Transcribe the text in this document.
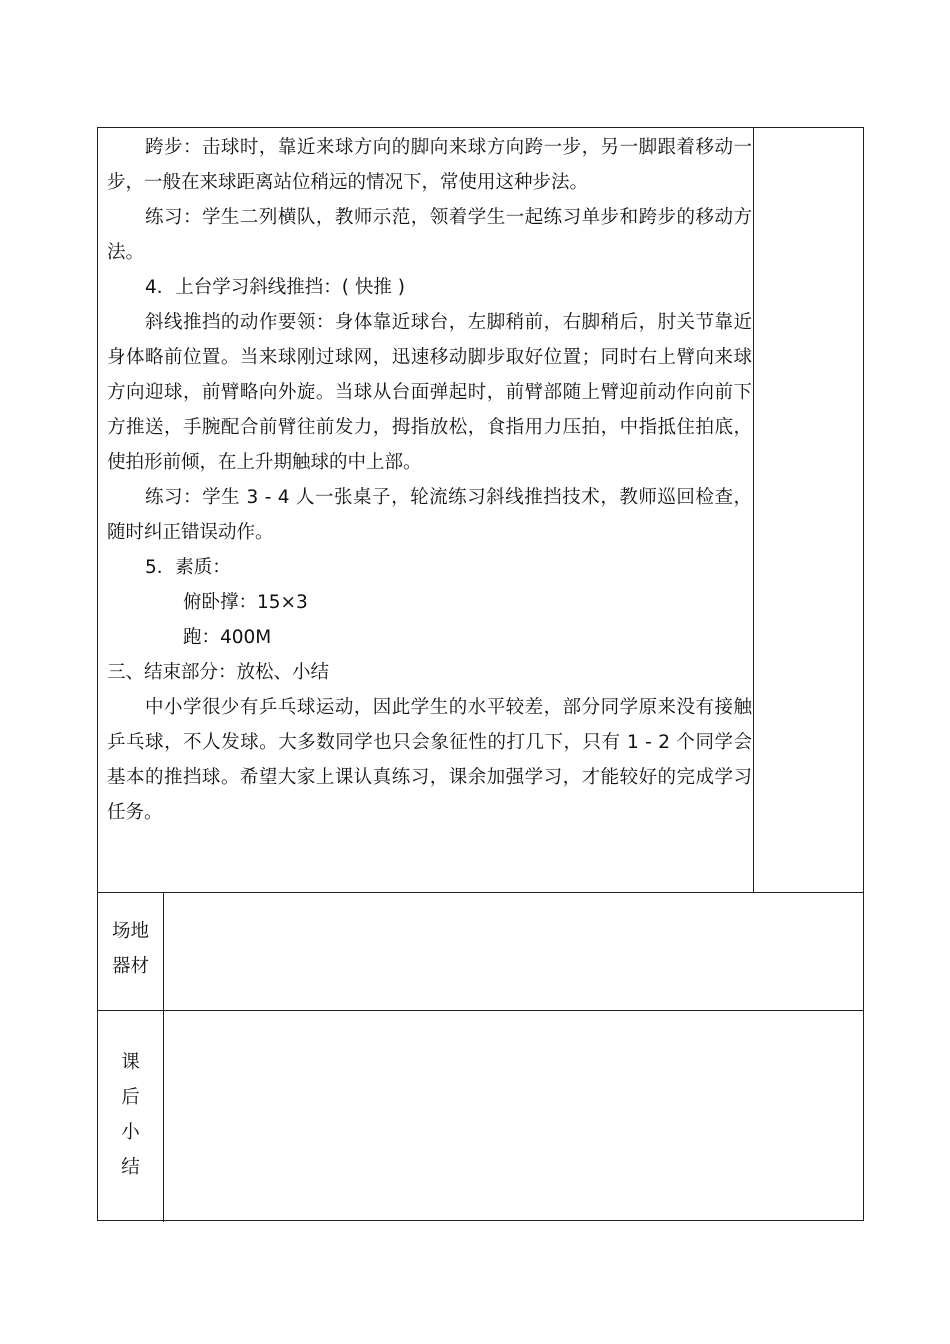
跨步：击球时，靠近来球方向的脚向来球方向跨一步，另一脚跟着移动一步，一般在来球距离站位稍远的情况下，常使用这种步法。

练习：学生二列横队，教师示范，领着学生一起练习单步和跨步的移动方法。

4．上台学习斜线推挡：( 快推 )

斜线推挡的动作要领：身体靠近球台，左脚稍前，右脚稍后，肘关节靠近身体略前位置。当来球刚过球网，迅速移动脚步取好位置；同时右上臂向来球方向迎球，前臂略向外旋。当球从台面弹起时，前臂部随上臂迎前动作向前下方推送，手腕配合前臂往前发力，拇指放松，食指用力压拍，中指抵住拍底，使拍形前倾，在上升期触球的中上部。

练习：学生 3 - 4 人一张桌子，轮流练习斜线推挡技术，教师巡回检查，随时纠正错误动作。

5．素质：

俯卧撑：15×3

跑：400M

三、结束部分：放松、小结

中小学很少有乒乓球运动，因此学生的水平较差，部分同学原来没有接触乒乓球，不人发球。大多数同学也只会象征性的打几下，只有 1 - 2 个同学会基本的推挡球。希望大家上课认真练习，课余加强学习，才能较好的完成学习任务。

场地
器材
课
后
小
结
